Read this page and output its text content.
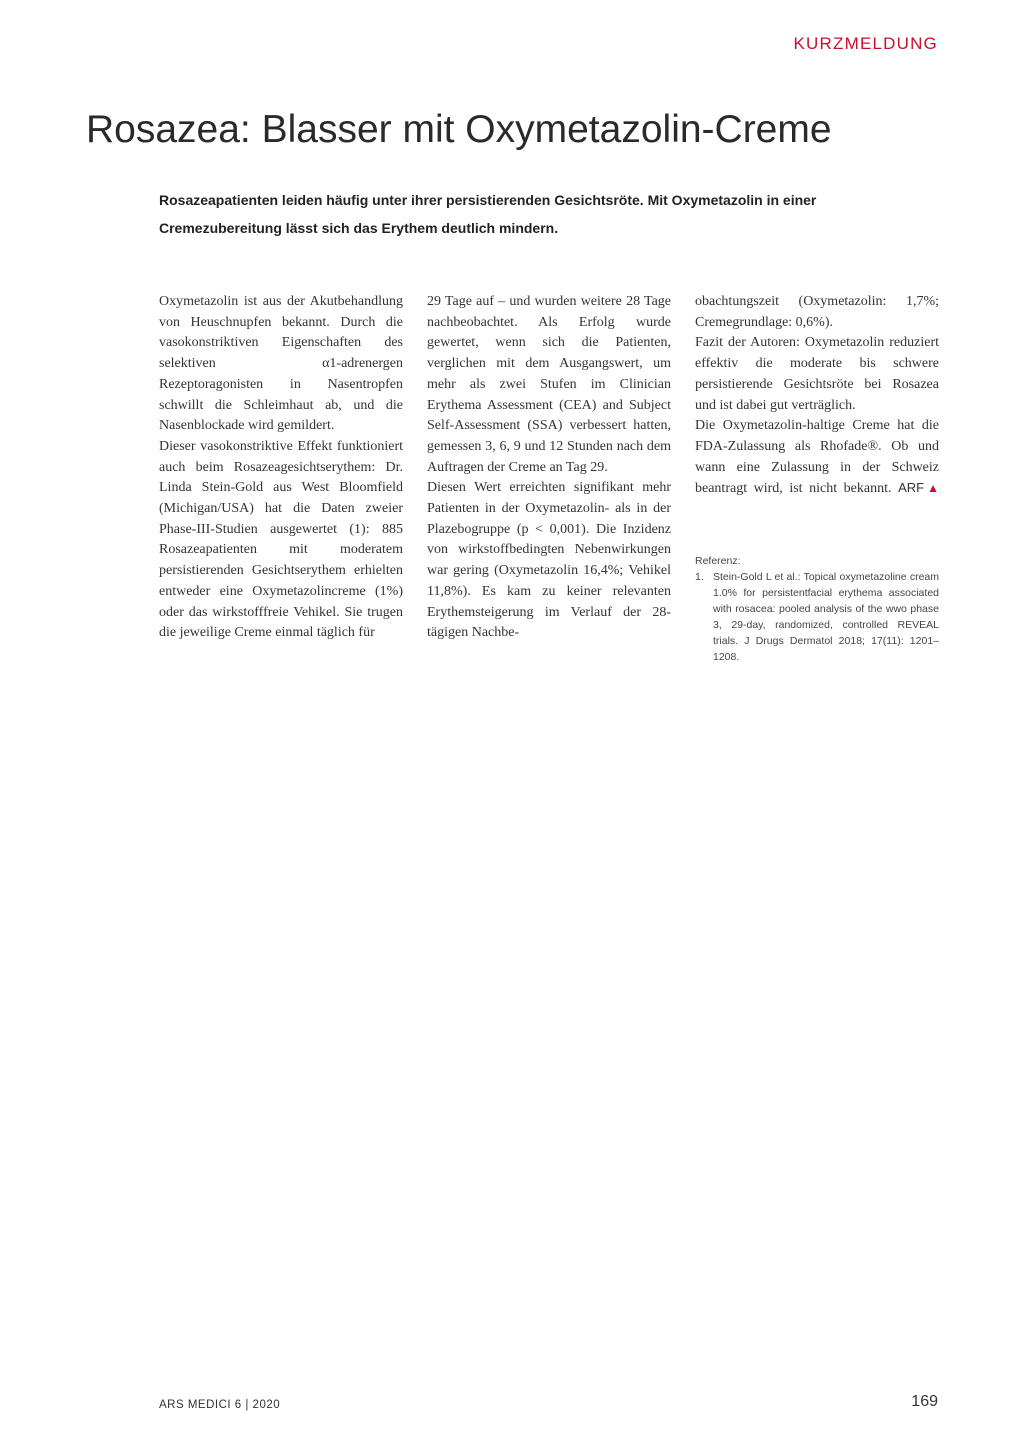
KURZMELDUNG
Rosazea: Blasser mit Oxymetazolin-Creme

Rosazeapatienten leiden häufig unter ihrer persistierenden Gesichtsröte. Mit Oxymetazolin in einer Cremezubereitung lässt sich das Erythem deutlich mindern.

Oxymetazolin ist aus der Akutbehandlung von Heuschnupfen bekannt. Durch die vasokonstriktiven Eigenschaften des selektiven α1-adrenergen Rezeptoragonisten in Nasentropfen schwillt die Schleimhaut ab, und die Nasenblockade wird gemildert.

Dieser vasokonstriktive Effekt funktioniert auch beim Rosazeagesichtserythem: Dr. Linda Stein-Gold aus West Bloomfield (Michigan/USA) hat die Daten zweier Phase-III-Studien ausgewertet (1): 885 Rosazeapatienten mit moderatem persistierenden Gesichtserythem erhielten entweder eine Oxymetazolincreme (1%) oder das wirkstofffreie Vehikel. Sie trugen die jeweilige Creme einmal täglich für

29 Tage auf – und wurden weitere 28 Tage nachbeobachtet. Als Erfolg wurde gewertet, wenn sich die Patienten, verglichen mit dem Ausgangswert, um mehr als zwei Stufen im Clinician Erythema Assessment (CEA) and Subject Self-Assessment (SSA) verbessert hatten, gemessen 3, 6, 9 und 12 Stunden nach dem Auftragen der Creme an Tag 29.

Diesen Wert erreichten signifikant mehr Patienten in der Oxymetazolin- als in der Plazebogruppe (p < 0,001). Die Inzidenz von wirkstoffbedingten Nebenwirkungen war gering (Oxymetazolin 16,4%; Vehikel 11,8%). Es kam zu keiner relevanten Erythemsteigerung im Verlauf der 28-tägigen Nachbe-

obachtungszeit (Oxymetazolin: 1,7%; Cremegrundlage: 0,6%).

Fazit der Autoren: Oxymetazolin reduziert effektiv die moderate bis schwere persistierende Gesichtsröte bei Rosazea und ist dabei gut verträglich.

Die Oxymetazolin-haltige Creme hat die FDA-Zulassung als Rhofade®. Ob und wann eine Zulassung in der Schweiz beantragt wird, ist nicht bekannt. ARF▲

Referenz:

1. Stein-Gold L et al.: Topical oxymetazoline cream 1.0% for persistentfacial erythema associated with rosacea: pooled analysis of the wwo phase 3, 29-day, randomized, controlled REVEAL trials. J Drugs Dermatol 2018; 17(11): 1201–1208.
ARS MEDICI 6 | 2020	169
